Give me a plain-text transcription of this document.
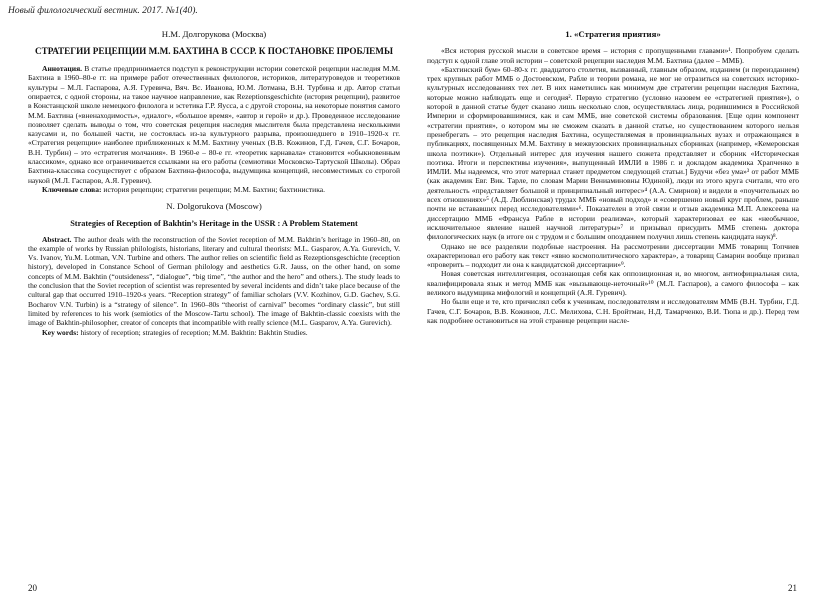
Новый филологический вестник. 2017. №1(40).
Н.М. Долгорукова (Москва)
СТРАТЕГИИ РЕЦЕПЦИИ М.М. БАХТИНА В СССР. К ПОСТАНОВКЕ ПРОБЛЕМЫ

Аннотация. В статье предпринимается подступ к реконструкции истории советской рецепции наследия М.М. Бахтина в 1960–80-е гг. на примере работ отечественных филологов, историков, литературоведов и теоретиков культуры – М.Л. Гаспарова, А.Я. Гуревича, Вяч. Вс. Иванова, Ю.М. Лотмана, В.Н. Турбина и др. Автор статьи опирается, с одной стороны, на такое научное направление, как Rezeptionsgeschichte (история рецепции), развитое в Констанцской школе немецкого филолога и эстетика Г.Р. Яусса, а с другой стороны, на некоторые понятия самого М.М. Бахтина («вненаходимость», «диалог», «большое время», «автор и герой» и др.). Проведенное исследование позволяет сделать выводы о том, что советская рецепция наследия мыслителя была представлена несколькими казусами и, по большей части, не состоялась из-за культурного разрыва, произошедшего в 1910–1920-х гг. «Стратегия рецепции» наиболее приближенных к М.М. Бахтину ученых (В.В. Кожинов, Г.Д. Гачев, С.Г. Бочаров, В.Н. Турбин) – это «стратегия молчания». В 1960-е – 80-е гг. «теоретик карнавала» становится «обыкновенным классиком», однако все ограничивается ссылками на его работы (семиотики Московско-Тартуской Школы). Образ Бахтина-классика сосуществует с образом Бахтина-философа, выдумщика концепций, несовместимых со строгой наукой (М.Л. Гаспаров, А.Я. Гуревич).

Ключевые слова: история рецепции; стратегии рецепции; М.М. Бахтин; бахтинистика.

N. Dolgorukova (Moscow)
Strategies of Reception of Bakhtin’s Heritage in the USSR : A Problem Statement

Abstract. The author deals with the reconstruction of the Soviet reception of M.M. Bakhtin’s heritage in 1960–80, on the example of works by Russian philologists, historians, literary and cultural theorists: M.L. Gasparov, A.Ya. Gurevich, V. Vs. Ivanov, Yu.M. Lotman, V.N. Turbine and others. The author relies on scientific field as Rezeptionsgeschichte (reception history), developed in Constance School of German philology and aesthetics G.R. Jauss, on the other hand, on some concepts of M.M. Bakhtin (“outsideness”, “dialogue”, “big time”, “the author and the hero” and others.). The study leads to the conclusion that the Soviet reception of scientist was represented by several incidents and didn’t take place because of the cultural gap that occurred 1910–1920-s years. “Reception strategy” of familiar scholars (V.V. Kozhinov, G.D. Gachev, S.G. Bocharov V.N. Turbin) is a “strategy of silence”. In 1960–80s “theorist of carnival” becomes “ordinary classic”, but still limited by references to his work (semiotics of the Moscow-Tartu school). The image of Bakhtin-classic coexists with the image of Bakhtin-philosopher, creator of concepts that incompatible with really science (M.L. Gasparov, A.Ya. Gurevich).

Key words: history of reception; strategies of reception; M.M. Bakhtin: Bakhtin Studies.

1. «Стратегия приятия»

«Вся история русской мысли в советское время – история с пропущенными главами»¹. Попробуем сделать подступ к одной главе этой истории – советской рецепции наследия М.М. Бахтина (далее – ММБ).

«Бахтинский бум» 60–80-х гг. двадцатого столетия, вызванный, главным образом, изданием (и переизданием) трех крупных работ ММБ о Достоевском, Рабле и теории романа, не мог не отразиться на советских историко-культурных исследованиях тех лет. В них наметились как минимум две стратегии рецепции наследия Бахтина, которые можно наблюдать еще и сегодня². Первую стратегию (условно назовем ее «стратегией приятия»), о которой в данной статье будет сказано лишь несколько слов, осуществлялась лица, родившимися в Российской Империи и сформировавшимися, как и сам ММБ, вне советской системы образования. [Еще один компонент «стратегии приятия», о котором мы не сможем сказать в данной статье, но существованием которого нельзя пренебрегать – это рецепция наследия Бахтина, осуществляемая в провинциальных вузах и отражающаяся в публикациях, посвященных М.М. Бахтину в межвузовских провинциальных сборниках (например, «Кемеровская школа поэтики»). Отдельный интерес для изучения нашего сюжета представляет и сборник «Историческая поэтика. Итоги и перспективы изучения», выпущенный ИМЛИ в 1986 г. и докладом академика Храпченко в ИМЛИ. Мы надеемся, что этот материал станет предметом следующей статьи.] Будучи «без ума»³ от работ ММБ (как академик Евг. Вик. Тарле, по словам Марии Вениаминовны Юдиной), люди из этого круга считали, что его деятельность «представляет большой и принципиальный интерес»⁴ (А.А. Смирнов) и видели в «поучительных во всех отношениях»⁵ (А.Д. Люблинская) трудах ММБ «новый подход» и «совершенно новый круг проблем, раньше почти не встававших перед исследователями»⁶. Показателен в этой связи и отзыв академика М.П. Алексеева на диссертацию ММБ «Франсуа Рабле в истории реализма», который характеризовал ее как «необычное, исключительное явление нашей научной литературы»⁷ и призывал присудить ММБ степень доктора филологических наук (в итоге он с трудом и с большим опозданием получил лишь степень кандидата наук)⁸.

Однако не все разделяли подобные настроения. На рассмотрении диссертации ММБ товарищ Топчиев охарактеризовал его работу как текст «явно космополитического характера», а товарищ Самарин вообще призвал «проверить – подходит ли она к кандидатской диссертации»⁹.

Новая советская интеллигенция, осознающая себя как оппозиционная и, во многом, антиофициальная сила, квалифицировала язык и метод ММБ как «вызывающе-неточный»¹⁰ (М.Л. Гаспаров), а самого философа – как великого выдумщика мифологий и концепций (А.Я. Гуревич).

Но были еще и те, кто причислял себя к ученикам, последователям и исследователям ММБ (В.Н. Турбин, Г.Д. Гачев, С.Г. Бочаров, В.В. Кожинов, Л.С. Мелихова, С.Н. Бройтман, Н.Д. Тамарченко, В.И. Тюпа и др.). Перед тем как подробнее остановиться на этой странице рецепции насле-

20	21
